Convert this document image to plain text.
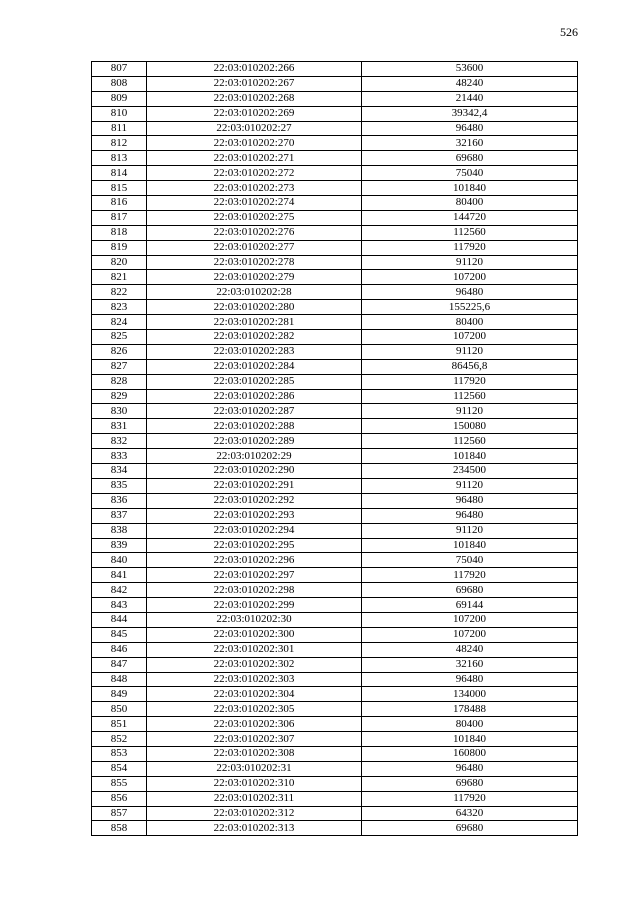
526
807	22:03:010202:266	53600
808	22:03:010202:267	48240
809	22:03:010202:268	21440
810	22:03:010202:269	39342,4
811	22:03:010202:27	96480
812	22:03:010202:270	32160
813	22:03:010202:271	69680
814	22:03:010202:272	75040
815	22:03:010202:273	101840
816	22:03:010202:274	80400
817	22:03:010202:275	144720
818	22:03:010202:276	112560
819	22:03:010202:277	117920
820	22:03:010202:278	91120
821	22:03:010202:279	107200
822	22:03:010202:28	96480
823	22:03:010202:280	155225,6
824	22:03:010202:281	80400
825	22:03:010202:282	107200
826	22:03:010202:283	91120
827	22:03:010202:284	86456,8
828	22:03:010202:285	117920
829	22:03:010202:286	112560
830	22:03:010202:287	91120
831	22:03:010202:288	150080
832	22:03:010202:289	112560
833	22:03:010202:29	101840
834	22:03:010202:290	234500
835	22:03:010202:291	91120
836	22:03:010202:292	96480
837	22:03:010202:293	96480
838	22:03:010202:294	91120
839	22:03:010202:295	101840
840	22:03:010202:296	75040
841	22:03:010202:297	117920
842	22:03:010202:298	69680
843	22:03:010202:299	69144
844	22:03:010202:30	107200
845	22:03:010202:300	107200
846	22:03:010202:301	48240
847	22:03:010202:302	32160
848	22:03:010202:303	96480
849	22:03:010202:304	134000
850	22:03:010202:305	178488
851	22:03:010202:306	80400
852	22:03:010202:307	101840
853	22:03:010202:308	160800
854	22:03:010202:31	96480
855	22:03:010202:310	69680
856	22:03:010202:311	117920
857	22:03:010202:312	64320
858	22:03:010202:313	69680
